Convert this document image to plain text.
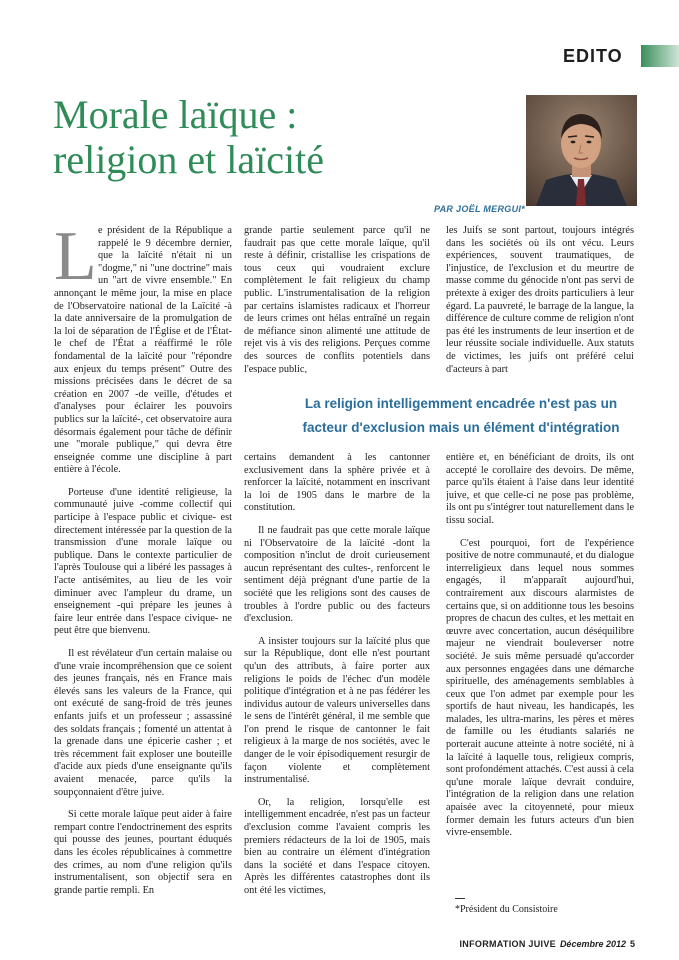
EDITO
Morale laïque :
religion et laïcité
PAR JOËL MERGUI*
L e président de la République a rappelé le 9 décembre dernier, que la laïcité n'était ni un "dogme," ni "une doctrine" mais un "art de vivre ensemble." En annonçant le même jour, la mise en place de l'Observatoire national de la Laïcité -à la date anniversaire de la promulgation de la loi de séparation de l'Église et de l'État- le chef de l'État a réaffirmé le rôle fondamental de la laïcité pour "répondre aux enjeux du temps présent" Outre des missions précisées dans le décret de sa création en 2007 -de veille, d'études et d'analyses pour éclairer les pouvoirs publics sur la laïcité-, cet observatoire aura désormais également pour tâche de définir une "morale publique," qui devra être enseignée comme une discipline à part entière à l'école.

Porteuse d'une identité religieuse, la communauté juive -comme collectif qui participe à l'espace public et civique- est directement intéressée par la question de la transmission d'une morale laïque ou publique. Dans le contexte particulier de l'après Toulouse qui a libéré les passages à l'acte antisémites, au lieu de les voir diminuer avec l'ampleur du drame, un enseignement -qui prépare les jeunes à faire leur entrée dans l'espace civique- ne peut être que bienvenu.

Il est révélateur d'un certain malaise ou d'une vraie incompréhension que ce soient des jeunes français, nés en France mais élevés sans les valeurs de la France, qui ont exécuté de sang-froid de très jeunes enfants juifs et un professeur ; assassiné des soldats français ; fomenté un attentat à la grenade dans une épicerie casher ; et très récemment fait exploser une bouteille d'acide aux pieds d'une enseignante qu'ils avaient menacée, parce qu'ils la soupçonnaient d'être juive.

Si cette morale laïque peut aider à faire rempart contre l'endoctrinement des esprits qui pousse des jeunes, pourtant éduqués dans les écoles républicaines à commettre des crimes, au nom d'une religion qu'ils instrumentalisent, son objectif sera en grande partie rempli. En

grande partie seulement parce qu'il ne faudrait pas que cette morale laïque, qu'il reste à définir, cristallise les crispations de tous ceux qui voudraient exclure complètement le fait religieux du champ public. L'instrumentalisation de la religion par certains islamistes radicaux et l'horreur de leurs crimes ont hélas entraîné un regain de méfiance sinon alimenté une attitude de rejet vis à vis des religions. Perçues comme des sources de conflits potentiels dans l'espace public,

les Juifs se sont partout, toujours intégrés dans les sociétés où ils ont vécu. Leurs expériences, souvent traumatiques, de l'injustice, de l'exclusion et du meurtre de masse comme du génocide n'ont pas servi de prétexte à exiger des droits particuliers à leur égard. La pauvreté, le barrage de la langue, la différence de culture comme de religion n'ont pas été les instruments de leur insertion et de leur réussite sociale individuelle. Aux statuts de victimes, les juifs ont préféré celui d'acteurs à part

La religion intelligemment encadrée n'est pas un
facteur d'exclusion mais un élément d'intégration

certains demandent à les cantonner exclusivement dans la sphère privée et à renforcer la laïcité, notamment en inscrivant la loi de 1905 dans le marbre de la constitution.

Il ne faudrait pas que cette morale laïque ni l'Observatoire de la laïcité -dont la composition n'inclut de droit curieusement aucun représentant des cultes-, renforcent le sentiment déjà prégnant d'une partie de la société que les religions sont des causes de troubles à l'ordre public ou des facteurs d'exclusion.

A insister toujours sur la laïcité plus que sur la République, dont elle n'est pourtant qu'un des attributs, à faire porter aux religions le poids de l'échec d'un modèle politique d'intégration et à ne pas fédérer les individus autour de valeurs universelles dans le sens de l'intérêt général, il me semble que l'on prend le risque de cantonner le fait religieux à la marge de nos sociétés, avec le danger de le voir épisodiquement resurgir de façon violente et complètement instrumentalisé.

Or, la religion, lorsqu'elle est intelligemment encadrée, n'est pas un facteur d'exclusion comme l'avaient compris les premiers rédacteurs de la loi de 1905, mais bien au contraire un élément d'intégration dans la société et dans l'espace citoyen. Après les différentes catastrophes dont ils ont été les victimes,

entière et, en bénéficiant de droits, ils ont accepté le corollaire des devoirs. De même, parce qu'ils étaient à l'aise dans leur identité juive, et que celle-ci ne pose pas problème, ils ont pu s'intégrer tout naturellement dans le tissu social.

C'est pourquoi, fort de l'expérience positive de notre communauté, et du dialogue interreligieux dans lequel nous sommes engagés, il m'apparaît aujourd'hui, contrairement aux discours alarmistes de certains que, si on additionne tous les besoins propres de chacun des cultes, et les mettait en œuvre avec concertation, aucun déséquilibre majeur ne viendrait bouleverser notre société. Je suis même persuadé qu'accorder aux personnes engagées dans une démarche spirituelle, des aménagements semblables à ceux que l'on admet par exemple pour les sportifs de haut niveau, les handicapés, les malades, les ultra-marins, les pères et mères de famille ou les étudiants salariés ne porterait aucune atteinte à notre société, ni à la laïcité à laquelle tous, religieux compris, sont profondément attachés. C'est aussi à cela qu'une morale laïque devrait conduire, l'intégration de la religion dans une relation apaisée avec la citoyenneté, pour mieux former demain les futurs acteurs d'un bien vivre-ensemble.

*Président du Consistoire
INFORMATION JUIVE Décembre 2012 5
